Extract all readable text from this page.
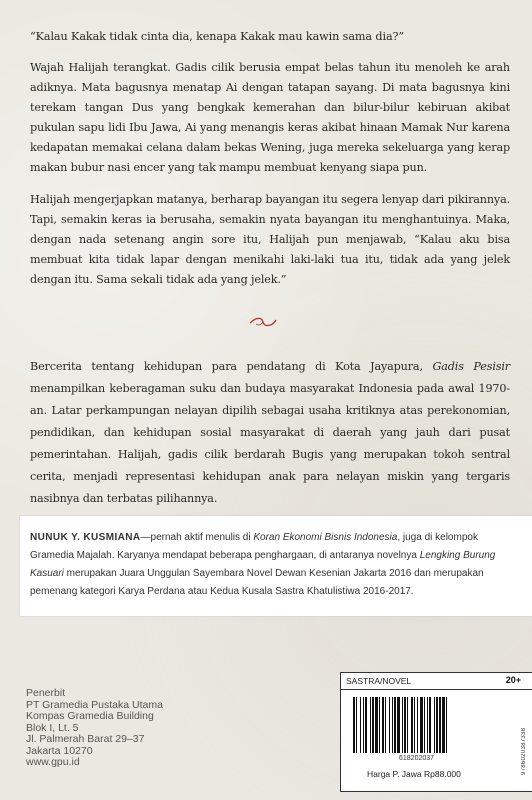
“Kalau Kakak tidak cinta dia, kenapa Kakak mau kawin sama dia?”
Wajah Halijah terangkat. Gadis cilik berusia empat belas tahun itu menoleh ke arah adiknya. Mata bagusnya menatap Ai dengan tatapan sayang. Di mata bagusnya kini terekam tangan Dus yang bengkak kemerahan dan bilur-bilur kebiruan akibat pukulan sapu lidi Ibu Jawa, Ai yang menangis keras akibat hinaan Mamak Nur karena kedapatan memakai celana dalam bekas Wening, juga mereka sekeluarga yang kerap makan bubur nasi encer yang tak mampu membuat kenyang siapa pun.
Halijah mengerjapkan matanya, berharap bayangan itu segera lenyap dari pikirannya. Tapi, semakin keras ia berusaha, semakin nyata bayangan itu menghantuinya. Maka, dengan nada setenang angin sore itu, Halijah pun menjawab, “Kalau aku bisa membuat kita tidak lapar dengan menikahi laki-laki tua itu, tidak ada yang jelek dengan itu. Sama sekali tidak ada yang jelek.”
Bercerita tentang kehidupan para pendatang di Kota Jayapura, Gadis Pesisir menampilkan keberagaman suku dan budaya masyarakat Indonesia pada awal 1970-an. Latar perkampungan nelayan dipilih sebagai usaha kritiknya atas perekonomian, pendidikan, dan kehidupan sosial masyarakat di daerah yang jauh dari pusat pemerintahan. Halijah, gadis cilik berdarah Bugis yang merupakan tokoh sentral cerita, menjadi representasi kehidupan anak para nelayan miskin yang tergaris nasibnya dan terbatas pilihannya.
NUNUK Y. KUSMIANA—pernah aktif menulis di Koran Ekonomi Bisnis Indonesia, juga di kelompok Gramedia Majalah. Karyanya mendapat beberapa penghargaan, di antaranya novelnya Lengking Burung Kasuari merupakan Juara Unggulan Sayembara Novel Dewan Kesenian Jakarta 2016 dan merupakan pemenang kategori Karya Perdana atau Kedua Kusala Sastra Khatulistiwa 2016-2017.
Penerbit
PT Gramedia Pustaka Utama
Kompas Gramedia Building
Blok I, Lt. 5
Jl. Palmerah Barat 29–37
Jakarta 10270
www.gpu.id
SASTRA/NOVEL	20+
618202037
Harga P. Jawa Rp88.000	9786020387338
